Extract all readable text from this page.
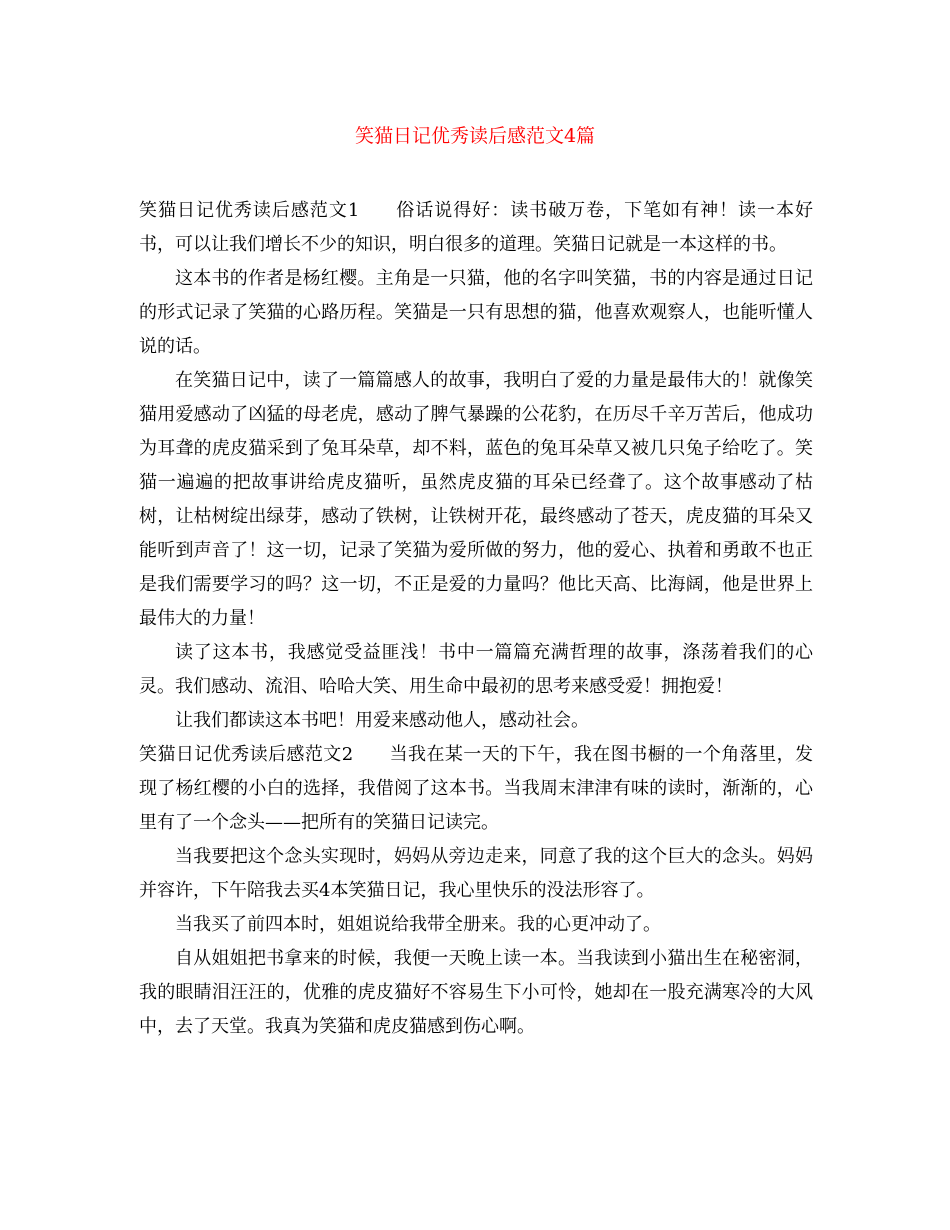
笑猫日记优秀读后感范文4篇

笑猫日记优秀读后感范文1 俗话说得好：读书破万卷，下笔如有神！读一本好书，可以让我们增长不少的知识，明白很多的道理。笑猫日记就是一本这样的书。

这本书的作者是杨红樱。主角是一只猫，他的名字叫笑猫，书的内容是通过日记的形式记录了笑猫的心路历程。笑猫是一只有思想的猫，他喜欢观察人，也能听懂人说的话。

在笑猫日记中，读了一篇篇感人的故事，我明白了爱的力量是最伟大的！就像笑猫用爱感动了凶猛的母老虎，感动了脾气暴躁的公花豹，在历尽千辛万苦后，他成功为耳聋的虎皮猫采到了兔耳朵草，却不料，蓝色的兔耳朵草又被几只兔子给吃了。笑猫一遍遍的把故事讲给虎皮猫听，虽然虎皮猫的耳朵已经聋了。这个故事感动了枯树，让枯树绽出绿芽，感动了铁树，让铁树开花，最终感动了苍天，虎皮猫的耳朵又能听到声音了！这一切，记录了笑猫为爱所做的努力，他的爱心、执着和勇敢不也正是我们需要学习的吗？这一切，不正是爱的力量吗？他比天高、比海阔，他是世界上最伟大的力量！

读了这本书，我感觉受益匪浅！书中一篇篇充满哲理的故事，涤荡着我们的心灵。我们感动、流泪、哈哈大笑、用生命中最初的思考来感受爱！拥抱爱！

让我们都读这本书吧！用爱来感动他人，感动社会。

笑猫日记优秀读后感范文2 当我在某一天的下午，我在图书橱的一个角落里，发现了杨红樱的小白的选择，我借阅了这本书。当我周末津津有味的读时，渐渐的，心里有了一个念头——把所有的笑猫日记读完。

当我要把这个念头实现时，妈妈从旁边走来，同意了我的这个巨大的念头。妈妈并容许，下午陪我去买4本笑猫日记，我心里快乐的没法形容了。

当我买了前四本时，姐姐说给我带全册来。我的心更冲动了。

自从姐姐把书拿来的时候，我便一天晚上读一本。当我读到小猫出生在秘密洞，我的眼睛泪汪汪的，优雅的虎皮猫好不容易生下小可怜，她却在一股充满寒冷的大风中，去了天堂。我真为笑猫和虎皮猫感到伤心啊。
